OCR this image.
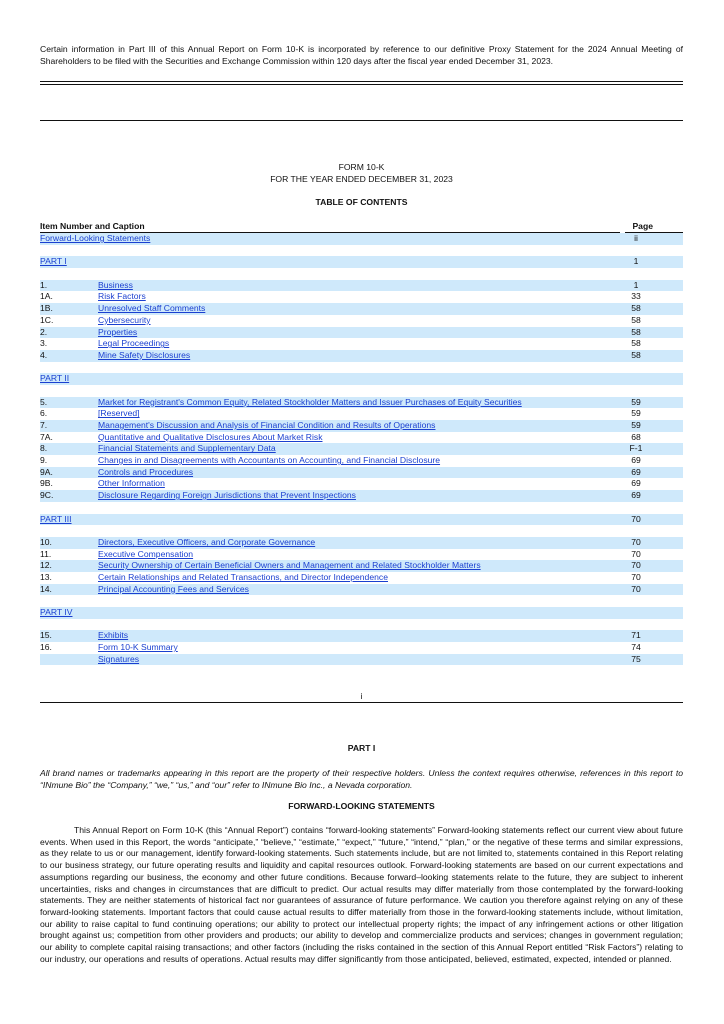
Certain information in Part III of this Annual Report on Form 10-K is incorporated by reference to our definitive Proxy Statement for the 2024 Annual Meeting of Shareholders to be filed with the Securities and Exchange Commission within 120 days after the fiscal year ended December 31, 2023.
FORM 10-K
FOR THE YEAR ENDED DECEMBER 31, 2023
TABLE OF CONTENTS
Item Number and Caption	Page
Forward-Looking Statements	ii
PART I	1
1.	Business	1
1A.	Risk Factors	33
1B.	Unresolved Staff Comments	58
1C.	Cybersecurity	58
2.	Properties	58
3.	Legal Proceedings	58
4.	Mine Safety Disclosures	58
PART II
5.	Market for Registrant's Common Equity, Related Stockholder Matters and Issuer Purchases of Equity Securities	59
6.	[Reserved]	59
7.	Management's Discussion and Analysis of Financial Condition and Results of Operations	59
7A.	Quantitative and Qualitative Disclosures About Market Risk	68
8.	Financial Statements and Supplementary Data	F-1
9.	Changes in and Disagreements with Accountants on Accounting, and Financial Disclosure	69
9A.	Controls and Procedures	69
9B.	Other Information	69
9C.	Disclosure Regarding Foreign Jurisdictions that Prevent Inspections	69
PART III	70
10.	Directors, Executive Officers, and Corporate Governance	70
11.	Executive Compensation	70
12.	Security Ownership of Certain Beneficial Owners and Management and Related Stockholder Matters	70
13.	Certain Relationships and Related Transactions, and Director Independence	70
14.	Principal Accounting Fees and Services	70
PART IV
15.	Exhibits	71
16.	Form 10-K Summary	74
Signatures	75
i
PART I
All brand names or trademarks appearing in this report are the property of their respective holders. Unless the context requires otherwise, references in this report to “INmune Bio” the “Company,” “we,” “us,” and “our” refer to INmune Bio Inc., a Nevada corporation.
FORWARD-LOOKING STATEMENTS
This Annual Report on Form 10-K (this “Annual Report”) contains “forward-looking statements” Forward-looking statements reflect our current view about future events. When used in this Report, the words “anticipate,” “believe,” “estimate,” “expect,” “future,” “intend,” “plan,” or the negative of these terms and similar expressions, as they relate to us or our management, identify forward-looking statements. Such statements include, but are not limited to, statements contained in this Report relating to our business strategy, our future operating results and liquidity and capital resources outlook. Forward-looking statements are based on our current expectations and assumptions regarding our business, the economy and other future conditions. Because forward–looking statements relate to the future, they are subject to inherent uncertainties, risks and changes in circumstances that are difficult to predict. Our actual results may differ materially from those contemplated by the forward-looking statements. They are neither statements of historical fact nor guarantees of assurance of future performance. We caution you therefore against relying on any of these forward-looking statements. Important factors that could cause actual results to differ materially from those in the forward-looking statements include, without limitation, our ability to raise capital to fund continuing operations; our ability to protect our intellectual property rights; the impact of any infringement actions or other litigation brought against us; competition from other providers and products; our ability to develop and commercialize products and services; changes in government regulation; our ability to complete capital raising transactions; and other factors (including the risks contained in the section of this Annual Report entitled “Risk Factors”) relating to our industry, our operations and results of operations. Actual results may differ significantly from those anticipated, believed, estimated, expected, intended or planned.
